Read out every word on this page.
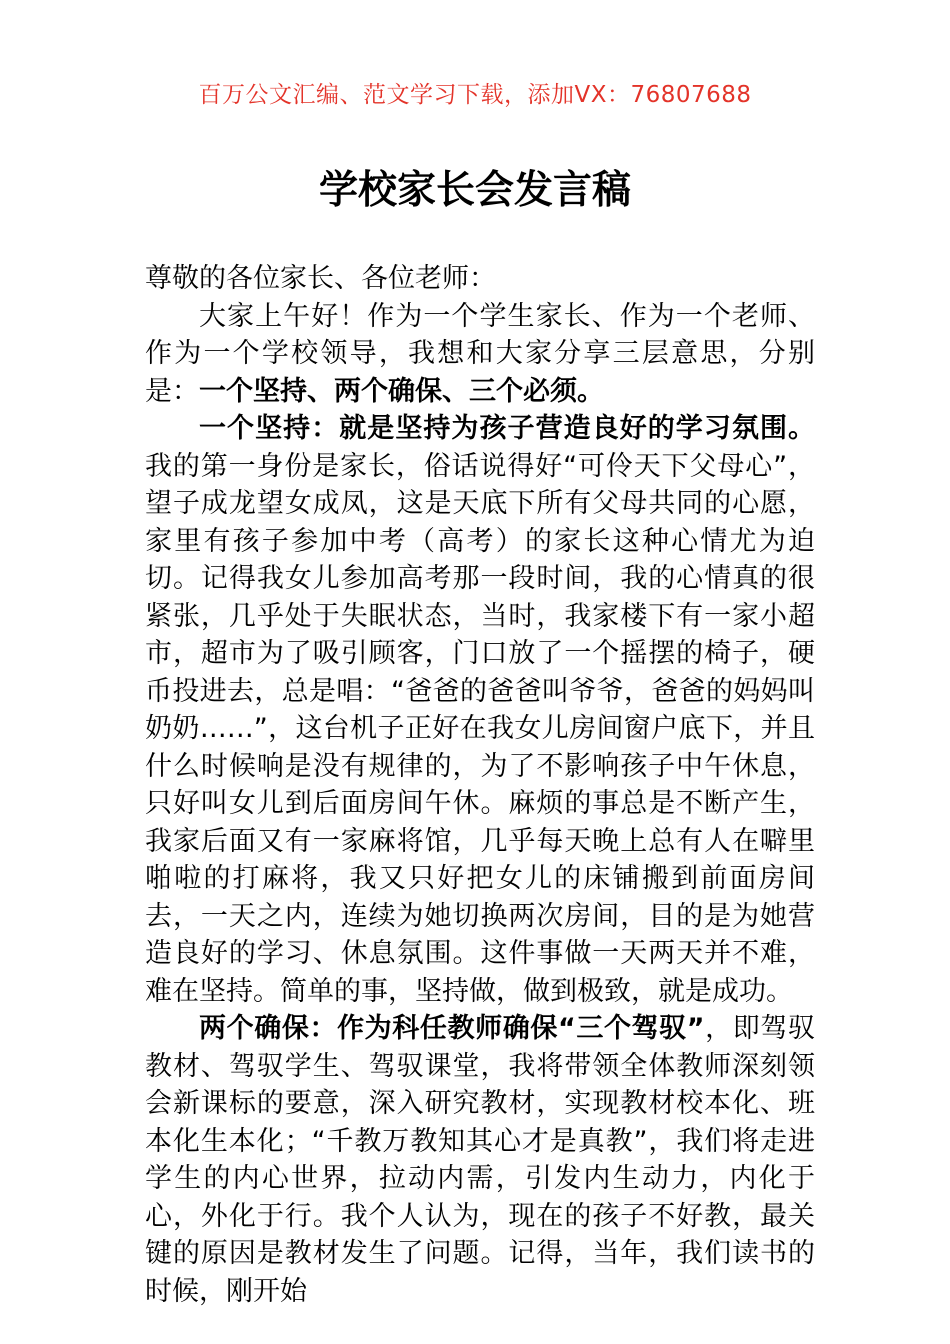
百万公文汇编、范文学习下载，添加VX：76807688
学校家长会发言稿

尊敬的各位家长、各位老师：

大家上午好！作为一个学生家长、作为一个老师、作为一个学校领导，我想和大家分享三层意思，分别是：一个坚持、两个确保、三个必须。

一个坚持：就是坚持为孩子营造良好的学习氛围。我的第一身份是家长，俗话说得好“可伶天下父母心”，望子成龙望女成凤，这是天底下所有父母共同的心愿，家里有孩子参加中考（高考）的家长这种心情尤为迫切。记得我女儿参加高考那一段时间，我的心情真的很紧张，几乎处于失眠状态，当时，我家楼下有一家小超市，超市为了吸引顾客，门口放了一个摇摆的椅子，硬币投进去，总是唱：“爸爸的爸爸叫爷爷，爸爸的妈妈叫奶奶……”，这台机子正好在我女儿房间窗户底下，并且什么时候响是没有规律的，为了不影响孩子中午休息，只好叫女儿到后面房间午休。麻烦的事总是不断产生，我家后面又有一家麻将馆，几乎每天晚上总有人在噼里啪啦的打麻将，我又只好把女儿的床铺搬到前面房间去，一天之内，连续为她切换两次房间，目的是为她营造良好的学习、休息氛围。这件事做一天两天并不难，难在坚持。简单的事，坚持做，做到极致，就是成功。

两个确保：作为科任教师确保“三个驾驭”，即驾驭教材、驾驭学生、驾驭课堂，我将带领全体教师深刻领会新课标的要意，深入研究教材，实现教材校本化、班本化生本化；“千教万教知其心才是真教”，我们将走进学生的内心世界，拉动内需，引发内生动力，内化于心，外化于行。我个人认为，现在的孩子不好教，最关键的原因是教材发生了问题。记得，当年，我们读书的时候，刚开始
